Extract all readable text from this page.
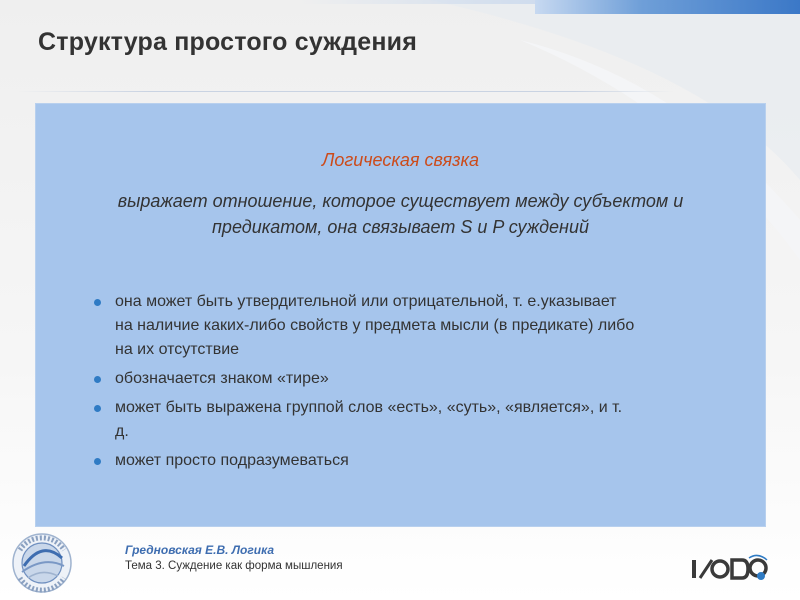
Структура простого суждения
Логическая связка
выражает отношение, которое существует между субъектом и
предикатом, она связывает S и P суждений
она может быть утвердительной или отрицательной, т. е.указывает
на наличие каких-либо свойств у предмета мысли (в предикате) либо
на их отсутствие
обозначается знаком «тире»
может быть выражена группой слов «есть», «суть», «является», и т.
д.
может просто подразумеваться
Гредновская Е.В. Логика
Тема 3. Суждение как форма мышления
